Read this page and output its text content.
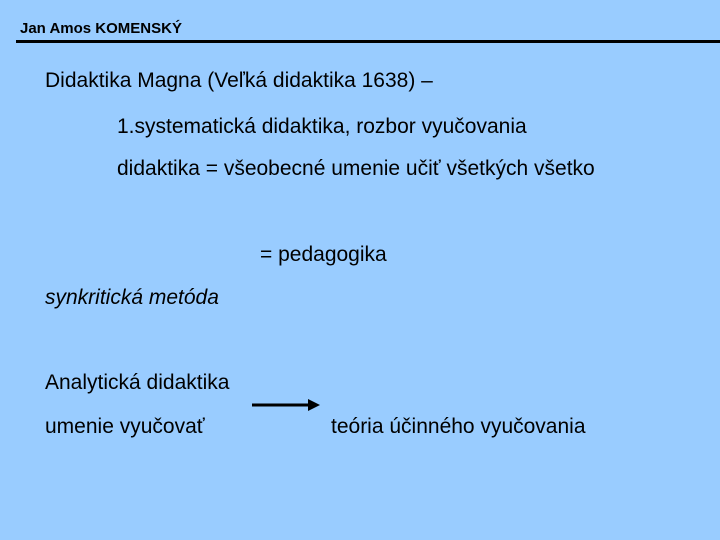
Jan Amos KOMENSKÝ
Didaktika Magna (Veľká didaktika 1638) –
1.systematická didaktika, rozbor vyučovania
didaktika = všeobecné umenie učiť všetkých všetko
= pedagogika
synkritická metóda
Analytická didaktika
umenie vyučovať	teória účinného vyučovania
